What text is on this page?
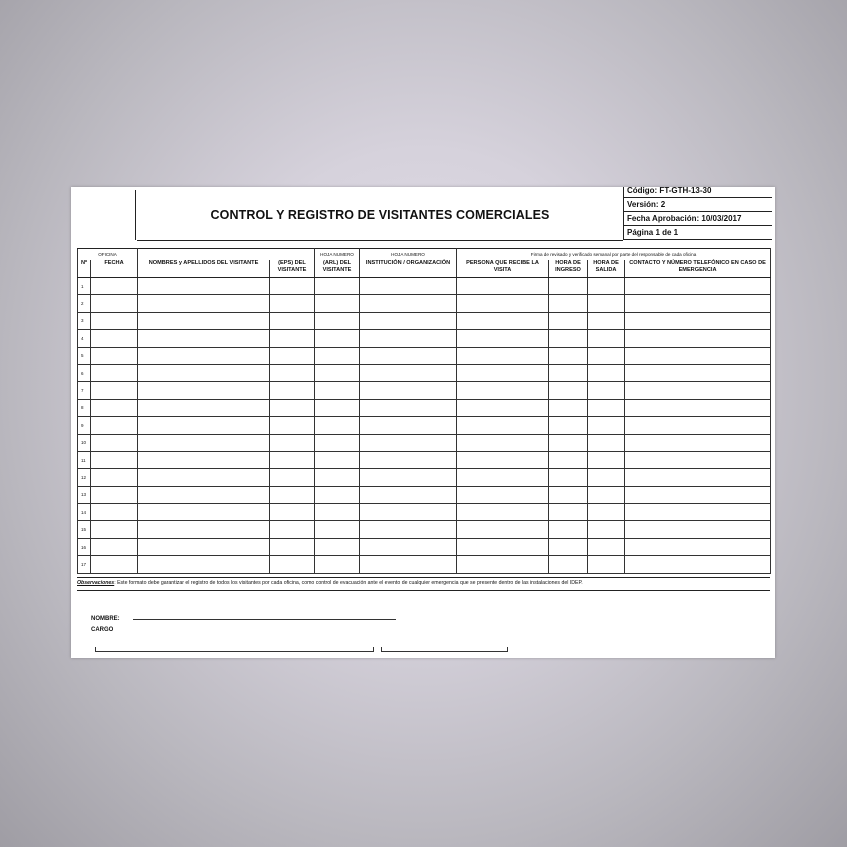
CONTROL Y REGISTRO DE VISITANTES COMERCIALES
Código: FT-GTH-13-30
Versión: 2
Fecha Aprobación: 10/03/2017
Página 1 de 1
OFICINA				HOJA NUMERO	HOJA NUMERO	Firma de revisado y verificado semanal por parte del responsable de cada oficina			
Nº	FECHA	NOMBRES y APELLIDOS DEL VISITANTE	(EPS) DEL VISITANTE	(ARL) DEL VISITANTE	INSTITUCIÓN / ORGANIZACIÓN	PERSONA QUE RECIBE LA VISITA	HORA DE INGRESO	HORA DE SALIDA	CONTACTO Y NÚMERO TELEFÓNICO EN CASO DE EMERGENCIA
1									
2									
3									
4									
5									
6									
7									
8									
9									
10									
11									
12									
13									
14									
15									
16									
17									
Observaciones: Este formato debe garantizar el registro de todos los visitantes por cada oficina, como control de evacuación ante el evento de cualquier emergencia que se presente dentro de las instalaciones del IDEP.
NOMBRE:
CARGO
